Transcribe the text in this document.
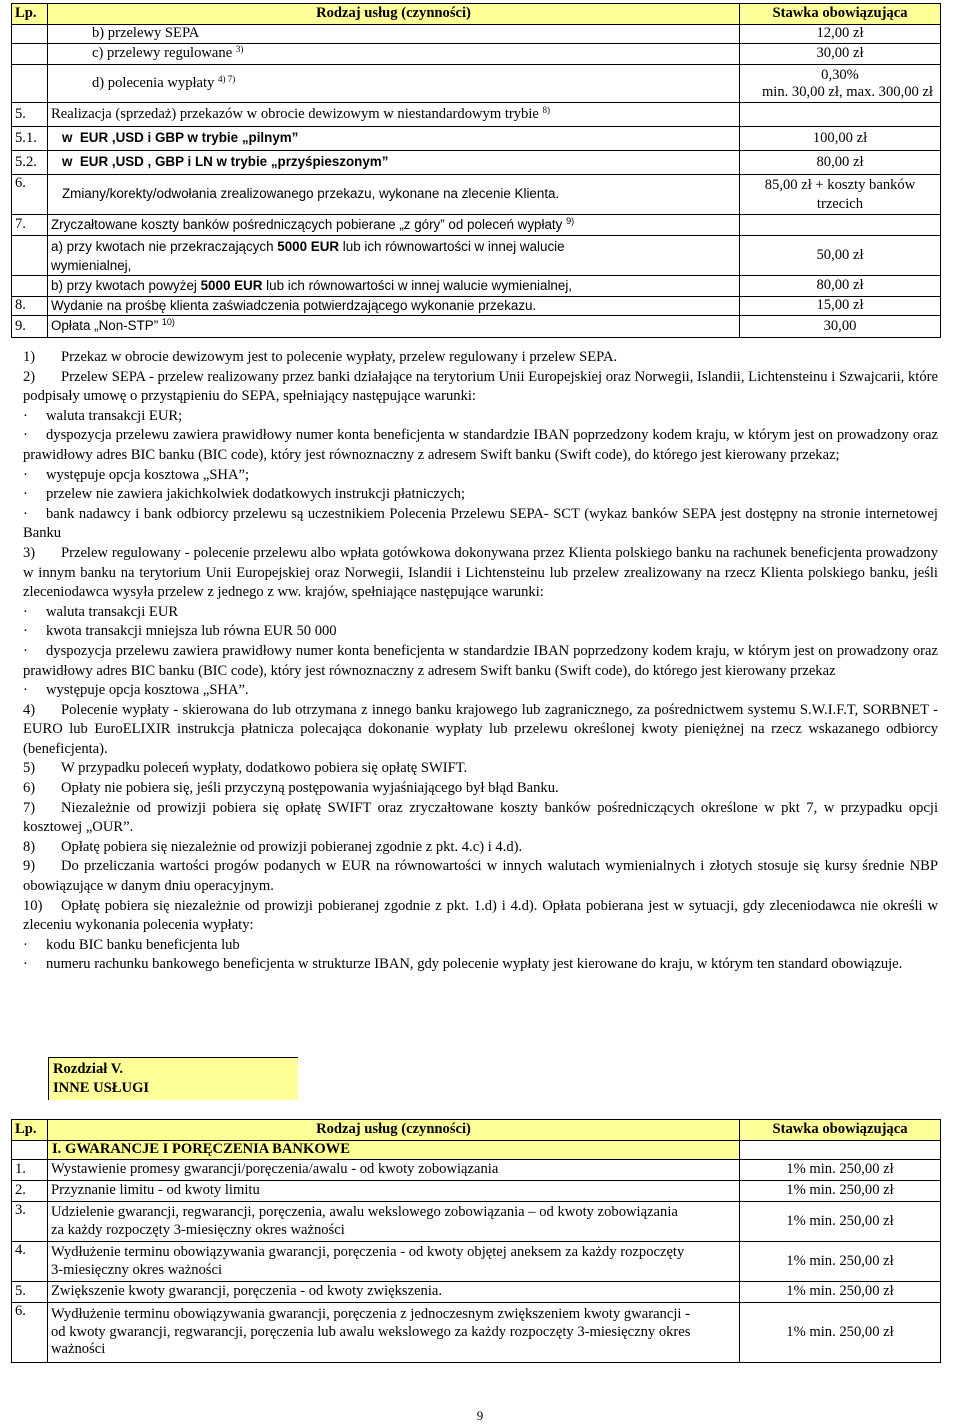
Lp.	Rodzaj usług (czynności)	Stawka obowiązująca
	b) przelewy SEPA	12,00 zł
	c) przelewy regulowane $^{3)}$	30,00 zł
	d) polecenia wypłaty $^{4) 7)}$	0,30%
min. 30,00 zł, max. 300,00 zł

5.	Realizacja (sprzedaż) przekazów w obrocie dewizowym w niestandardowym trybie $^{8)}$	
5.1.	w  EUR ,USD i GBP w trybie „pilnym”	100,00 zł
5.2.	w  EUR ,USD , GBP i LN w trybie „przyśpieszonym”	80,00 zł
6.	Zmiany/korekty/odwołania zrealizowanego przekazu, wykonane na zlecenie Klienta.	85,00 zł + koszty banków
trzecich

7.	Zryczałtowane koszty banków pośredniczących pobierane „z góry” od poleceń wypłaty $^{9)}$	
	a) przy kwotach nie przekraczających 5000 EUR lub ich równowartości w innej walucie
wymienialnej,	50,00 zł
	b) przy kwotach powyżej 5000 EUR lub ich równowartości w innej walucie wymienialnej,	80,00 zł
8.	Wydanie na prośbę klienta zaświadczenia potwierdzającego wykonanie przekazu.	15,00 zł
9.	Opłata „Non-STP” $^{10)}$	30,00

1) Przekaz w obrocie dewizowym jest to polecenie wypłaty, przelew regulowany i przelew SEPA.

2) Przelew SEPA - przelew realizowany przez banki działające na terytorium Unii Europejskiej oraz Norwegii, Islandii, Lichtensteinu i Szwajcarii, które podpisały umowę o przystąpieniu do SEPA, spełniający następujące warunki:

· waluta transakcji EUR;

· dyspozycja przelewu zawiera prawidłowy numer konta beneficjenta w standardzie IBAN poprzedzony kodem kraju, w którym jest on prowadzony oraz prawidłowy adres BIC banku (BIC code), który jest równoznaczny z adresem Swift banku (Swift code), do którego jest kierowany przekaz;

· występuje opcja kosztowa „SHA”;

· przelew nie zawiera jakichkolwiek dodatkowych instrukcji płatniczych;

· bank nadawcy i bank odbiorcy przelewu są uczestnikiem Polecenia Przelewu SEPA- SCT (wykaz banków SEPA jest dostępny na stronie internetowej Banku

3) Przelew regulowany - polecenie przelewu albo wpłata gotówkowa dokonywana przez Klienta polskiego banku na rachunek beneficjenta prowadzony w innym banku na terytorium Unii Europejskiej oraz Norwegii, Islandii i Lichtensteinu lub przelew zrealizowany na rzecz Klienta polskiego banku, jeśli zleceniodawca wysyła przelew z jednego z ww. krajów, spełniające następujące warunki:

· waluta transakcji EUR

· kwota transakcji mniejsza lub równa EUR 50 000

· dyspozycja przelewu zawiera prawidłowy numer konta beneficjenta w standardzie IBAN poprzedzony kodem kraju, w którym jest on prowadzony oraz prawidłowy adres BIC banku (BIC code), który jest równoznaczny z adresem Swift banku (Swift code), do którego jest kierowany przekaz

· występuje opcja kosztowa „SHA”.

4) Polecenie wypłaty - skierowana do lub otrzymana z innego banku krajowego lub zagranicznego, za pośrednictwem systemu S.W.I.F.T, SORBNET - EURO lub EuroELIXIR instrukcja płatnicza polecająca dokonanie wypłaty lub przelewu określonej kwoty pieniężnej na rzecz wskazanego odbiorcy (beneficjenta).

5) W przypadku poleceń wypłaty, dodatkowo pobiera się opłatę SWIFT.

6) Opłaty nie pobiera się, jeśli przyczyną postępowania wyjaśniającego był błąd Banku.

7) Niezależnie od prowizji pobiera się opłatę SWIFT oraz zryczałtowane koszty banków pośredniczących określone w pkt 7, w przypadku opcji kosztowej „OUR”.

8) Opłatę pobiera się niezależnie od prowizji pobieranej zgodnie z pkt. 4.c) i 4.d).

9) Do przeliczania wartości progów podanych w EUR na równowartości w innych walutach wymienialnych i złotych stosuje się kursy średnie NBP obowiązujące w danym dniu operacyjnym.

10) Opłatę pobiera się niezależnie od prowizji pobieranej zgodnie z pkt. 1.d) i 4.d). Opłata pobierana jest w sytuacji, gdy zleceniodawca nie określi w zleceniu wykonania polecenia wypłaty:

· kodu BIC banku beneficjenta lub

· numeru rachunku bankowego beneficjenta w strukturze IBAN, gdy polecenie wypłaty jest kierowane do kraju, w którym ten standard obowiązuje.

Rozdział V.
INNE USŁUGI
Lp.	Rodzaj usług (czynności)	Stawka obowiązująca
	I. GWARANCJE I PORĘCZENIA BANKOWE	
1.	Wystawienie promesy gwarancji/poręczenia/awalu - od kwoty zobowiązania	1% min. 250,00 zł
2.	Przyznanie limitu - od kwoty limitu	1% min. 250,00 zł
3.	Udzielenie gwarancji, regwarancji, poręczenia, awalu wekslowego zobowiązania – od kwoty zobowiązania za każdy rozpoczęty 3-miesięczny okres ważności	1% min. 250,00 zł
4.	Wydłużenie terminu obowiązywania gwarancji, poręczenia - od kwoty objętej aneksem za każdy rozpoczęty 3-miesięczny okres ważności	1% min. 250,00 zł
5.	Zwiększenie kwoty gwarancji, poręczenia - od kwoty zwiększenia.	1% min. 250,00 zł
6.	Wydłużenie terminu obowiązywania gwarancji, poręczenia z jednoczesnym zwiększeniem kwoty gwarancji - od kwoty gwarancji, regwarancji, poręczenia lub awalu wekslowego za każdy rozpoczęty 3-miesięczny okres ważności	1% min. 250,00 zł
9
